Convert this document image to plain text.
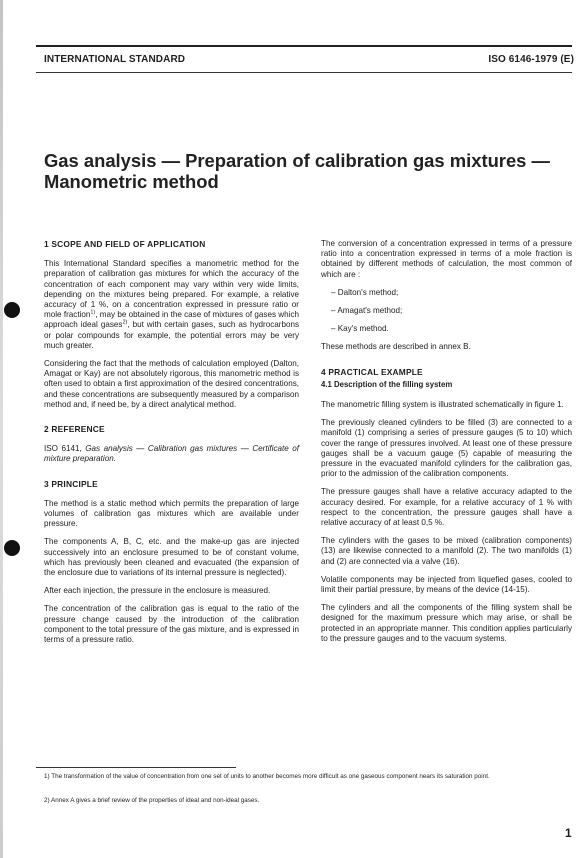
INTERNATIONAL STANDARD	ISO 6146-1979 (E)
Gas analysis — Preparation of calibration gas mixtures —
Manometric method
1 SCOPE AND FIELD OF APPLICATION

This International Standard specifies a manometric method for the preparation of calibration gas mixtures for which the accuracy of the concentration of each component may vary within very wide limits, depending on the mixtures being prepared. For example, a relative accuracy of 1 %, on a concentration expressed in pressure ratio or mole fraction$^{1)}$, may be obtained in the case of mixtures of gases which approach ideal gases$^{2)}$, but with certain gases, such as hydrocarbons or polar compounds for example, the potential errors may be very much greater.

Considering the fact that the methods of calculation employed (Dalton, Amagat or Kay) are not absolutely rigorous, this manometric method is often used to obtain a first approximation of the desired concentrations, and these concentrations are subsequently measured by a comparison method and, if need be, by a direct analytical method.

2 REFERENCE

ISO 6141, Gas analysis — Calibration gas mixtures — Certificate of mixture preparation.

3 PRINCIPLE

The method is a static method which permits the preparation of large volumes of calibration gas mixtures which are available under pressure.

The components A, B, C, etc. and the make-up gas are injected successively into an enclosure presumed to be of constant volume, which has previously been cleaned and evacuated (the expansion of the enclosure due to variations of its internal pressure is neglected).

After each injection, the pressure in the enclosure is measured.

The concentration of the calibration gas is equal to the ratio of the pressure change caused by the introduction of the calibration component to the total pressure of the gas mixture, and is expressed in terms of a pressure ratio.

The conversion of a concentration expressed in terms of a pressure ratio into a concentration expressed in terms of a mole fraction is obtained by different methods of calculation, the most common of which are :

– Dalton's method;
– Amagat's method;
– Kay's method.

These methods are described in annex B.

4 PRACTICAL EXAMPLE
4.1 Description of the filling system

The manometric filling system is illustrated schematically in figure 1.

The previously cleaned cylinders to be filled (3) are connected to a manifold (1) comprising a series of pressure gauges (5 to 10) which cover the range of pressures involved. At least one of these pressure gauges shall be a vacuum gauge (5) capable of measuring the pressure in the evacuated manifold cylinders for the calibration gas, prior to the admission of the calibration components.

The pressure gauges shall have a relative accuracy adapted to the accuracy desired. For example, for a relative accuracy of 1 % with respect to the concentration, the pressure gauges shall have a relative accuracy of at least 0,5 %.

The cylinders with the gases to be mixed (calibration components) (13) are likewise connected to a manifold (2). The two manifolds (1) and (2) are connected via a valve (16).

Volatile components may be injected from liquefied gases, cooled to limit their partial pressure, by means of the device (14-15).

The cylinders and all the components of the filling system shall be designed for the maximum pressure which may arise, or shall be protected in an appropriate manner. This condition applies particularly to the pressure gauges and to the vacuum systems.

1) The transformation of the value of concentration from one set of units to another becomes more difficult as one gaseous component nears its saturation point.
2) Annex A gives a brief review of the properties of ideal and non-ideal gases.
1
